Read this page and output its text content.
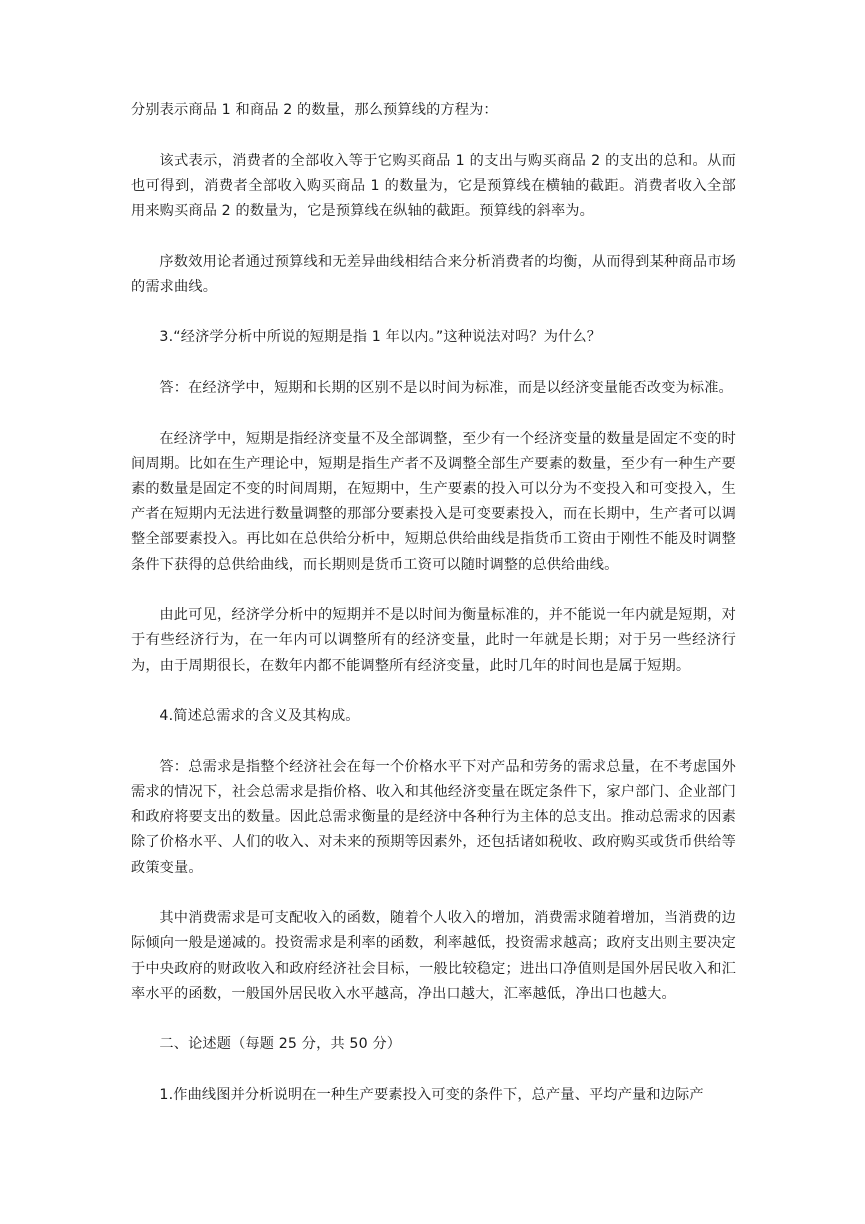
分别表示商品 1 和商品 2 的数量，那么预算线的方程为：

该式表示，消费者的全部收入等于它购买商品 1 的支出与购买商品 2 的支出的总和。从而也可得到，消费者全部收入购买商品 1 的数量为，它是预算线在横轴的截距。消费者收入全部用来购买商品 2 的数量为，它是预算线在纵轴的截距。预算线的斜率为。

序数效用论者通过预算线和无差异曲线相结合来分析消费者的均衡，从而得到某种商品市场的需求曲线。

3.“经济学分析中所说的短期是指 1 年以内。”这种说法对吗？为什么？

答：在经济学中，短期和长期的区别不是以时间为标准，而是以经济变量能否改变为标准。

在经济学中，短期是指经济变量不及全部调整，至少有一个经济变量的数量是固定不变的时间周期。比如在生产理论中，短期是指生产者不及调整全部生产要素的数量，至少有一种生产要素的数量是固定不变的时间周期，在短期中，生产要素的投入可以分为不变投入和可变投入，生产者在短期内无法进行数量调整的那部分要素投入是可变要素投入，而在长期中，生产者可以调整全部要素投入。再比如在总供给分析中，短期总供给曲线是指货币工资由于刚性不能及时调整条件下获得的总供给曲线，而长期则是货币工资可以随时调整的总供给曲线。

由此可见，经济学分析中的短期并不是以时间为衡量标准的，并不能说一年内就是短期，对于有些经济行为，在一年内可以调整所有的经济变量，此时一年就是长期；对于另一些经济行为，由于周期很长，在数年内都不能调整所有经济变量，此时几年的时间也是属于短期。

4.简述总需求的含义及其构成。

答：总需求是指整个经济社会在每一个价格水平下对产品和劳务的需求总量，在不考虑国外需求的情况下，社会总需求是指价格、收入和其他经济变量在既定条件下，家户部门、企业部门和政府将要支出的数量。因此总需求衡量的是经济中各种行为主体的总支出。推动总需求的因素除了价格水平、人们的收入、对未来的预期等因素外，还包括诸如税收、政府购买或货币供给等政策变量。

其中消费需求是可支配收入的函数，随着个人收入的增加，消费需求随着增加，当消费的边际倾向一般是递减的。投资需求是利率的函数，利率越低，投资需求越高；政府支出则主要决定于中央政府的财政收入和政府经济社会目标，一般比较稳定；进出口净值则是国外居民收入和汇率水平的函数，一般国外居民收入水平越高，净出口越大，汇率越低，净出口也越大。

二、论述题（每题 25 分，共 50 分）

1.作曲线图并分析说明在一种生产要素投入可变的条件下，总产量、平均产量和边际产
